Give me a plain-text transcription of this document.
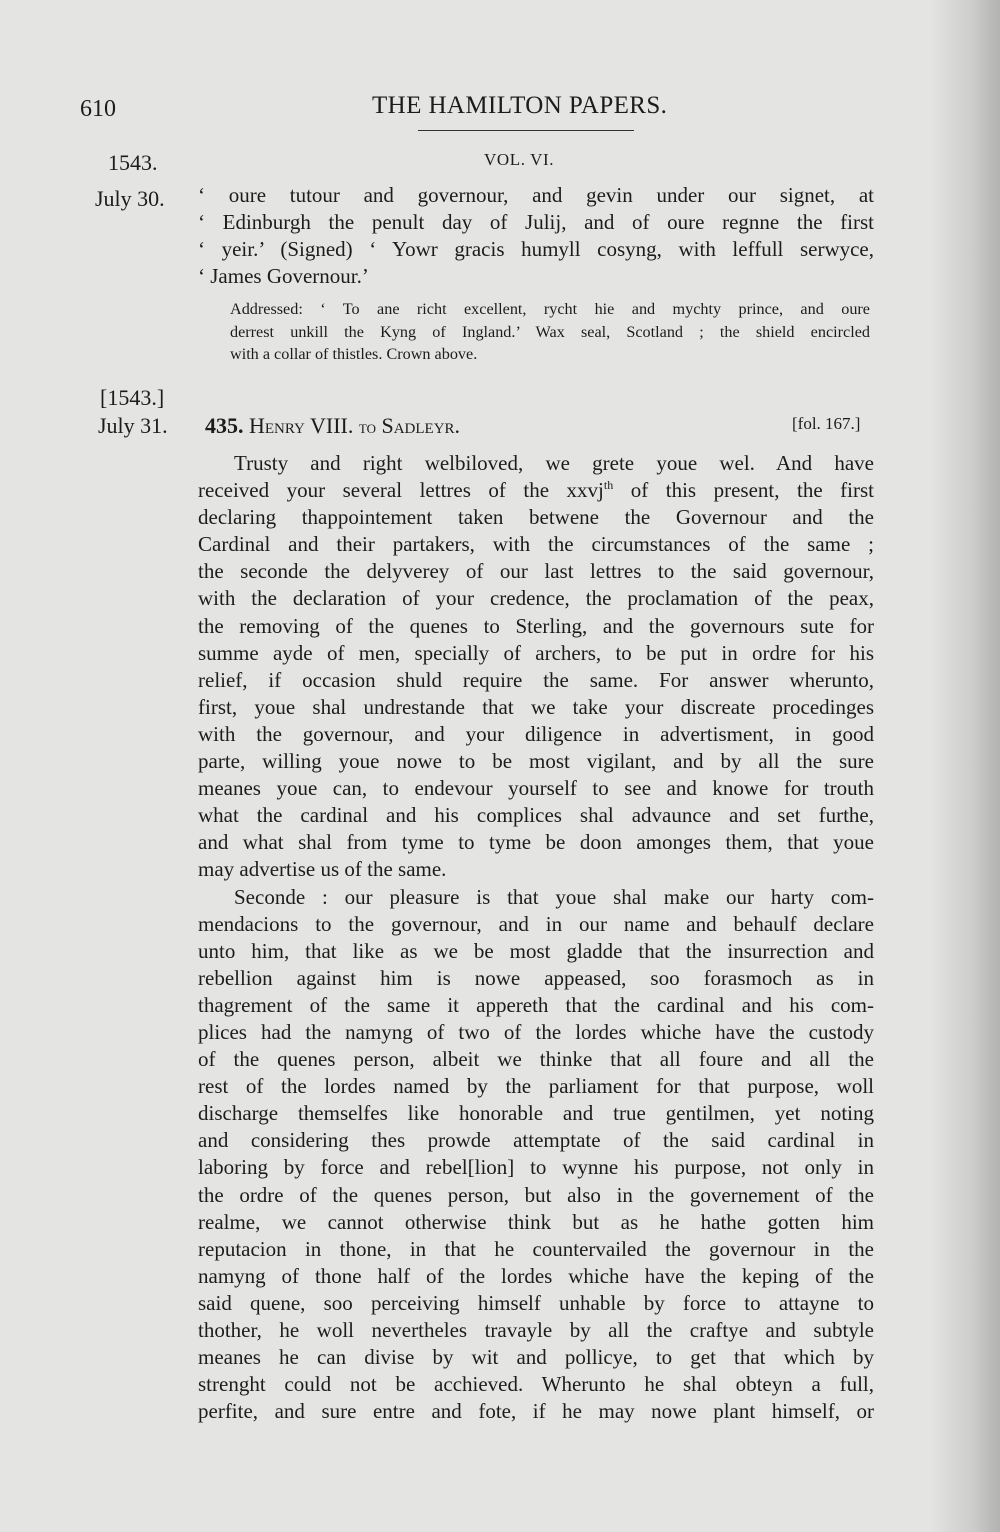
610	THE HAMILTON PAPERS.
1543.	VOL. VI.
July 30. ‘ oure tutour and governour, and gevin under our signet, at
‘ Edinburgh the penult day of Julij, and of oure regnne the first
‘ yeir.’ (Signed) ‘ Yowr gracis humyll cosyng, with leffull serwyce,
‘ James Governour.’
Addressed: ‘ To ane richt excellent, rycht hie and mychty prince, and oure
derrest unkill the Kyng of Ingland.’ Wax seal, Scotland ; the shield encircled
with a collar of thistles. Crown above.
[1543.]
July 31. 435. Henry VIII. to Sadleyr.	[fol. 167.]
Trusty and right welbiloved, we grete youe wel. And have
received your several lettres of the xxvj$^{th}$ of this present, the first
declaring thappointement taken betwene the Governour and the
Cardinal and their partakers, with the circumstances of the same ;
the seconde the delyverey of our last lettres to the said governour,
with the declaration of your credence, the proclamation of the peax,
the removing of the quenes to Sterling, and the governours sute for
summe ayde of men, specially of archers, to be put in ordre for his
relief, if occasion shuld require the same. For answer wherunto,
first, youe shal undrestande that we take your discreate procedinges
with the governour, and your diligence in advertisment, in good
parte, willing youe nowe to be most vigilant, and by all the sure
meanes youe can, to endevour yourself to see and knowe for trouth
what the cardinal and his complices shal advaunce and set furthe,
and what shal from tyme to tyme be doon amonges them, that youe
may advertise us of the same.
Seconde : our pleasure is that youe shal make our harty com-
mendacions to the governour, and in our name and behaulf declare
unto him, that like as we be most gladde that the insurrection and
rebellion against him is nowe appeased, soo forasmoch as in
thagrement of the same it appereth that the cardinal and his com-
plices had the namyng of two of the lordes whiche have the custody
of the quenes person, albeit we thinke that all foure and all the
rest of the lordes named by the parliament for that purpose, woll
discharge themselfes like honorable and true gentilmen, yet noting
and considering thes prowde attemptate of the said cardinal in
laboring by force and rebel[lion] to wynne his purpose, not only in
the ordre of the quenes person, but also in the governement of the
realme, we cannot otherwise think but as he hathe gotten him
reputacion in thone, in that he countervailed the governour in the
namyng of thone half of the lordes whiche have the keping of the
said quene, soo perceiving himself unhable by force to attayne to
thother, he woll nevertheles travayle by all the craftye and subtyle
meanes he can divise by wit and pollicye, to get that which by
strenght could not be acchieved. Wherunto he shal obteyn a full,
perfite, and sure entre and fote, if he may nowe plant himself, or
